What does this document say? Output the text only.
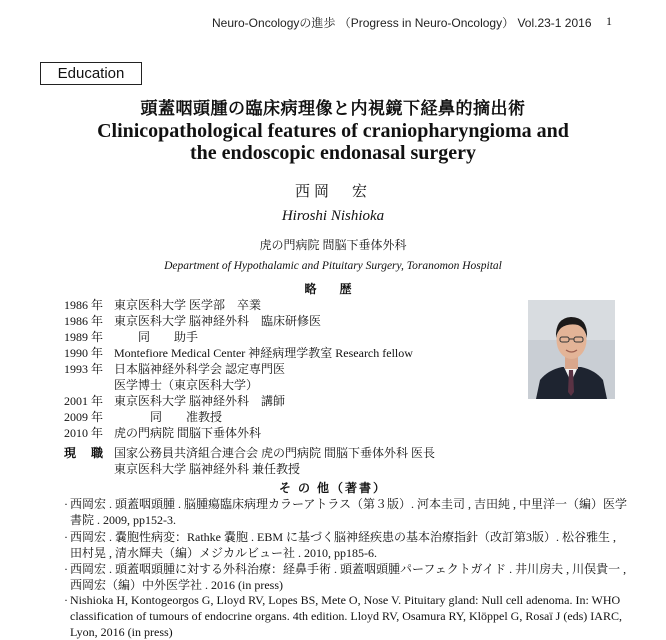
Neuro-Oncologyの進歩 （Progress in Neuro-Oncology） Vol.23-1 2016 1
Education
頭蓋咽頭腫の臨床病理像と内視鏡下経鼻的摘出術
Clinicopathological features of craniopharyngioma and
the endoscopic endonasal surgery
西岡　宏
Hiroshi Nishioka
虎の門病院 間脳下垂体外科
Department of Hypothalamic and Pituitary Surgery, Toranomon Hospital
略 歴
1986 年 東京医科大学 医学部　卒業
1986 年 東京医科大学 脳神経外科　臨床研修医
1989 年　　同　　助手
1990 年 Montefiore Medical Center 神経病理学教室 Research fellow
1993 年 日本脳神経外科学会 認定専門医
医学博士（東京医科大学）
2001 年 東京医科大学 脳神経外科　講師
2009 年　　　同　　准教授
2010 年 虎の門病院 間脳下垂体外科
現 職 国家公務員共済組合連合会 虎の門病院 間脳下垂体外科 医長
東京医科大学 脳神経外科 兼任教授
そ の 他（著書）
· 西岡宏 . 頭蓋咽頭腫 . 脳腫瘍臨床病理カラーアトラス（第３版）. 河本圭司 , 吉田純 , 中里洋一（編）医学書院 . 2009, pp152-3.
· 西岡宏 . 嚢胞性病変：Rathke 嚢胞 . EBM に基づく脳神経疾患の基本治療指針（改訂第3版）. 松谷雅生 , 田村晃 , 清水輝夫（編）メジカルビュー社 . 2010, pp185-6.
· 西岡宏 . 頭蓋咽頭腫に対する外科治療：経鼻手術 . 頭蓋咽頭腫パーフェクトガイド . 井川房夫 , 川俣貴一 , 西岡宏（編）中外医学社 . 2016 (in press)
· Nishioka H, Kontogeorgos G, Lloyd RV, Lopes BS, Mete O, Nose V. Pituitary gland: Null cell adenoma. In: WHO classification of tumours of endocrine organs. 4th edition. Lloyd RV, Osamura RY, Klöppel G, Rosaï J (eds) IARC, Lyon, 2016 (in press)
